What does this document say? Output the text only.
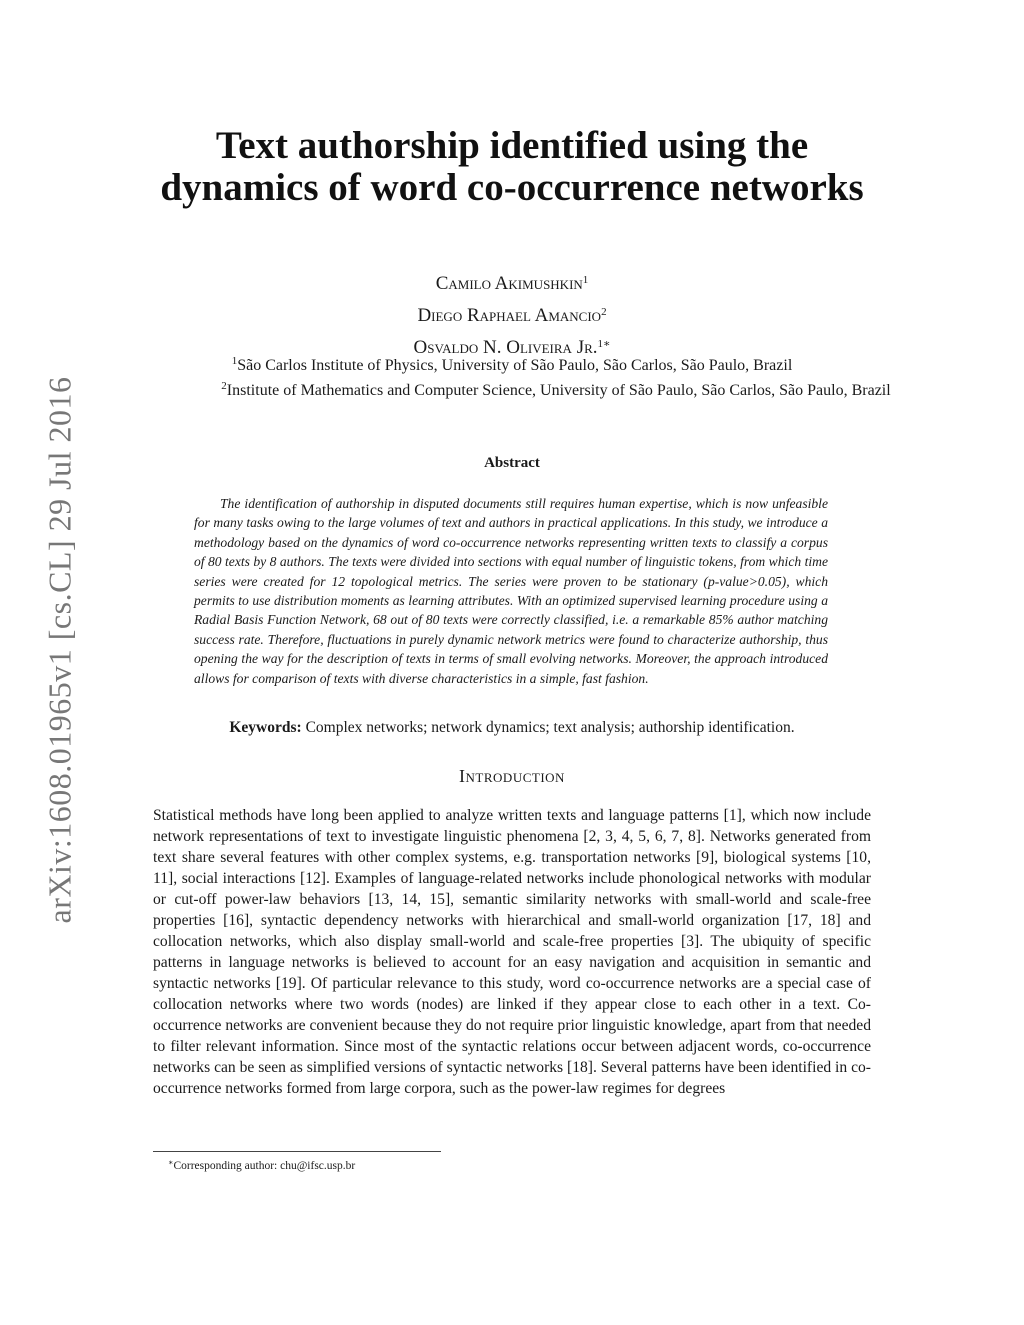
arXiv:1608.01965v1 [cs.CL] 29 Jul 2016
Text authorship identified using the dynamics of word co-occurrence networks
Camilo Akimushkin$^1$
Diego Raphael Amancio$^2$
Osvaldo N. Oliveira Jr.$^{1∗}$
$^1$São Carlos Institute of Physics, University of São Paulo, São Carlos, São Paulo, Brazil
$^2$Institute of Mathematics and Computer Science, University of São Paulo, São Carlos, São Paulo, Brazil
Abstract

The identification of authorship in disputed documents still requires human expertise, which is now unfeasible for many tasks owing to the large volumes of text and authors in practical applications. In this study, we introduce a methodology based on the dynamics of word co-occurrence networks representing written texts to classify a corpus of 80 texts by 8 authors. The texts were divided into sections with equal number of linguistic tokens, from which time series were created for 12 topological metrics. The series were proven to be stationary (p-value>0.05), which permits to use distribution moments as learning attributes. With an optimized supervised learning procedure using a Radial Basis Function Network, 68 out of 80 texts were correctly classified, i.e. a remarkable 85% author matching success rate. Therefore, fluctuations in purely dynamic network metrics were found to characterize authorship, thus opening the way for the description of texts in terms of small evolving networks. Moreover, the approach introduced allows for comparison of texts with diverse characteristics in a simple, fast fashion.

Keywords: Complex networks; network dynamics; text analysis; authorship identification.
Introduction

Statistical methods have long been applied to analyze written texts and language patterns [1], which now include network representations of text to investigate linguistic phenomena [2, 3, 4, 5, 6, 7, 8]. Networks generated from text share several features with other complex systems, e.g. transportation networks [9], biological systems [10, 11], social interactions [12]. Examples of language-related networks include phonological networks with modular or cut-off power-law behaviors [13, 14, 15], semantic similarity networks with small-world and scale-free properties [16], syntactic dependency networks with hierarchical and small-world organization [17, 18] and collocation networks, which also display small-world and scale-free properties [3]. The ubiquity of specific patterns in language networks is believed to account for an easy navigation and acquisition in semantic and syntactic networks [19]. Of particular relevance to this study, word co-occurrence networks are a special case of collocation networks where two words (nodes) are linked if they appear close to each other in a text. Co-occurrence networks are convenient because they do not require prior linguistic knowledge, apart from that needed to filter relevant information. Since most of the syntactic relations occur between adjacent words, co-occurrence networks can be seen as simplified versions of syntactic networks [18]. Several patterns have been identified in co-occurrence networks formed from large corpora, such as the power-law regimes for degrees

∗Corresponding author: chu@ifsc.usp.br
